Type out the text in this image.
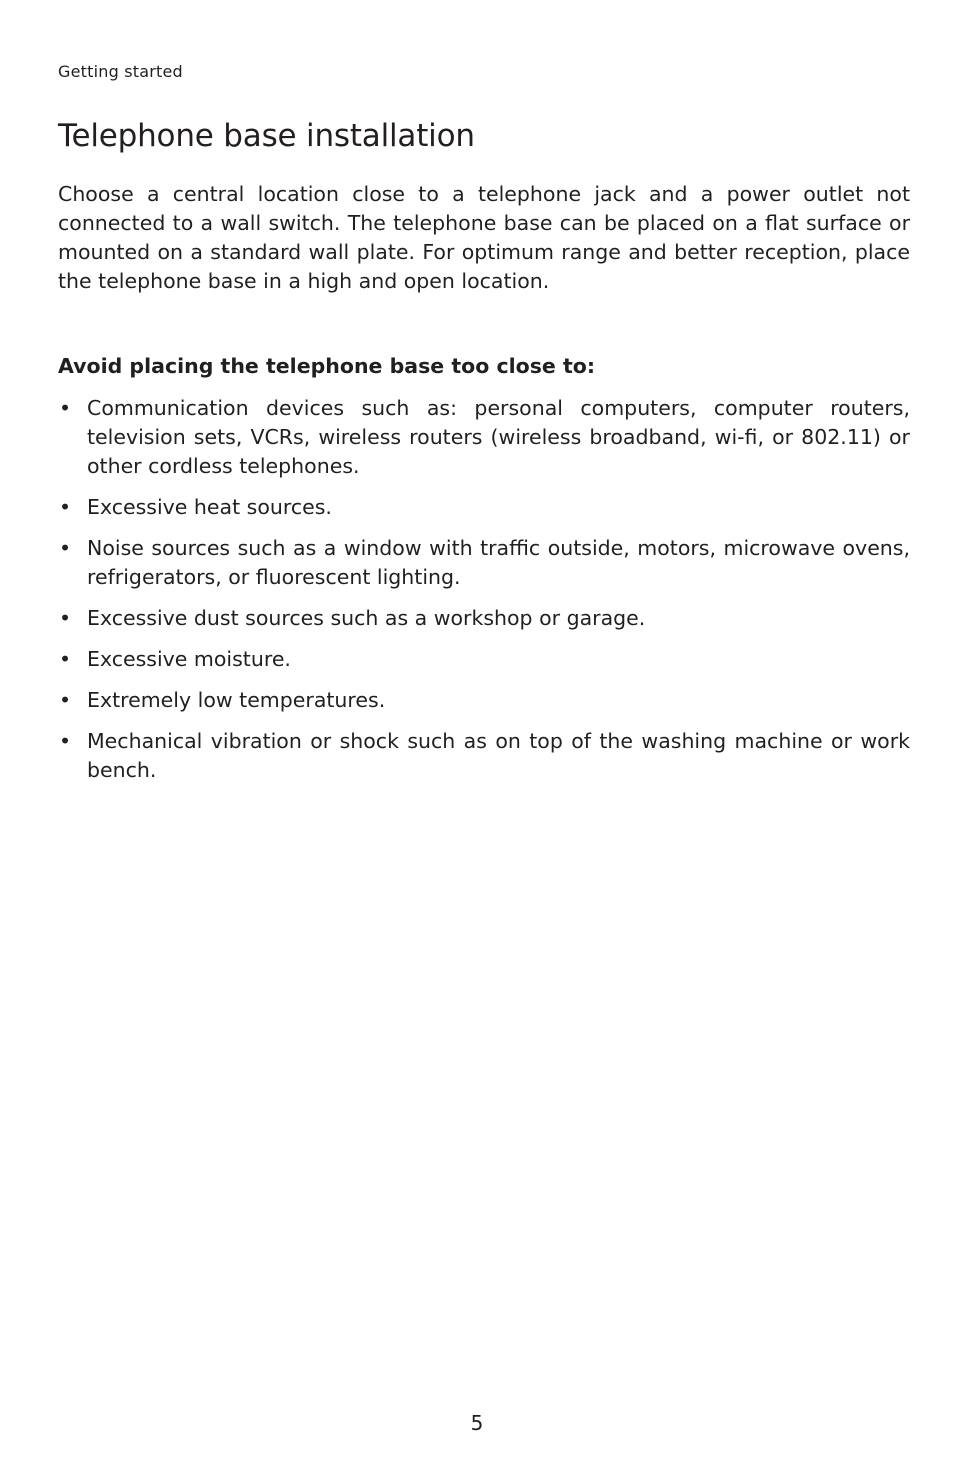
Getting started

Telephone base installation

Choose a central location close to a telephone jack and a power outlet not connected to a wall switch. The telephone base can be placed on a flat surface or mounted on a standard wall plate. For optimum range and better reception, place the telephone base in a high and open location.

Avoid placing the telephone base too close to:

• Communication devices such as: personal computers, computer routers, television sets, VCRs, wireless routers (wireless broadband, wi-fi, or 802.11) or other cordless telephones.
• Excessive heat sources.
• Noise sources such as a window with traffic outside, motors, microwave ovens, refrigerators, or fluorescent lighting.
• Excessive dust sources such as a workshop or garage.
• Excessive moisture.
• Extremely low temperatures.
• Mechanical vibration or shock such as on top of the washing machine or work bench.

5
